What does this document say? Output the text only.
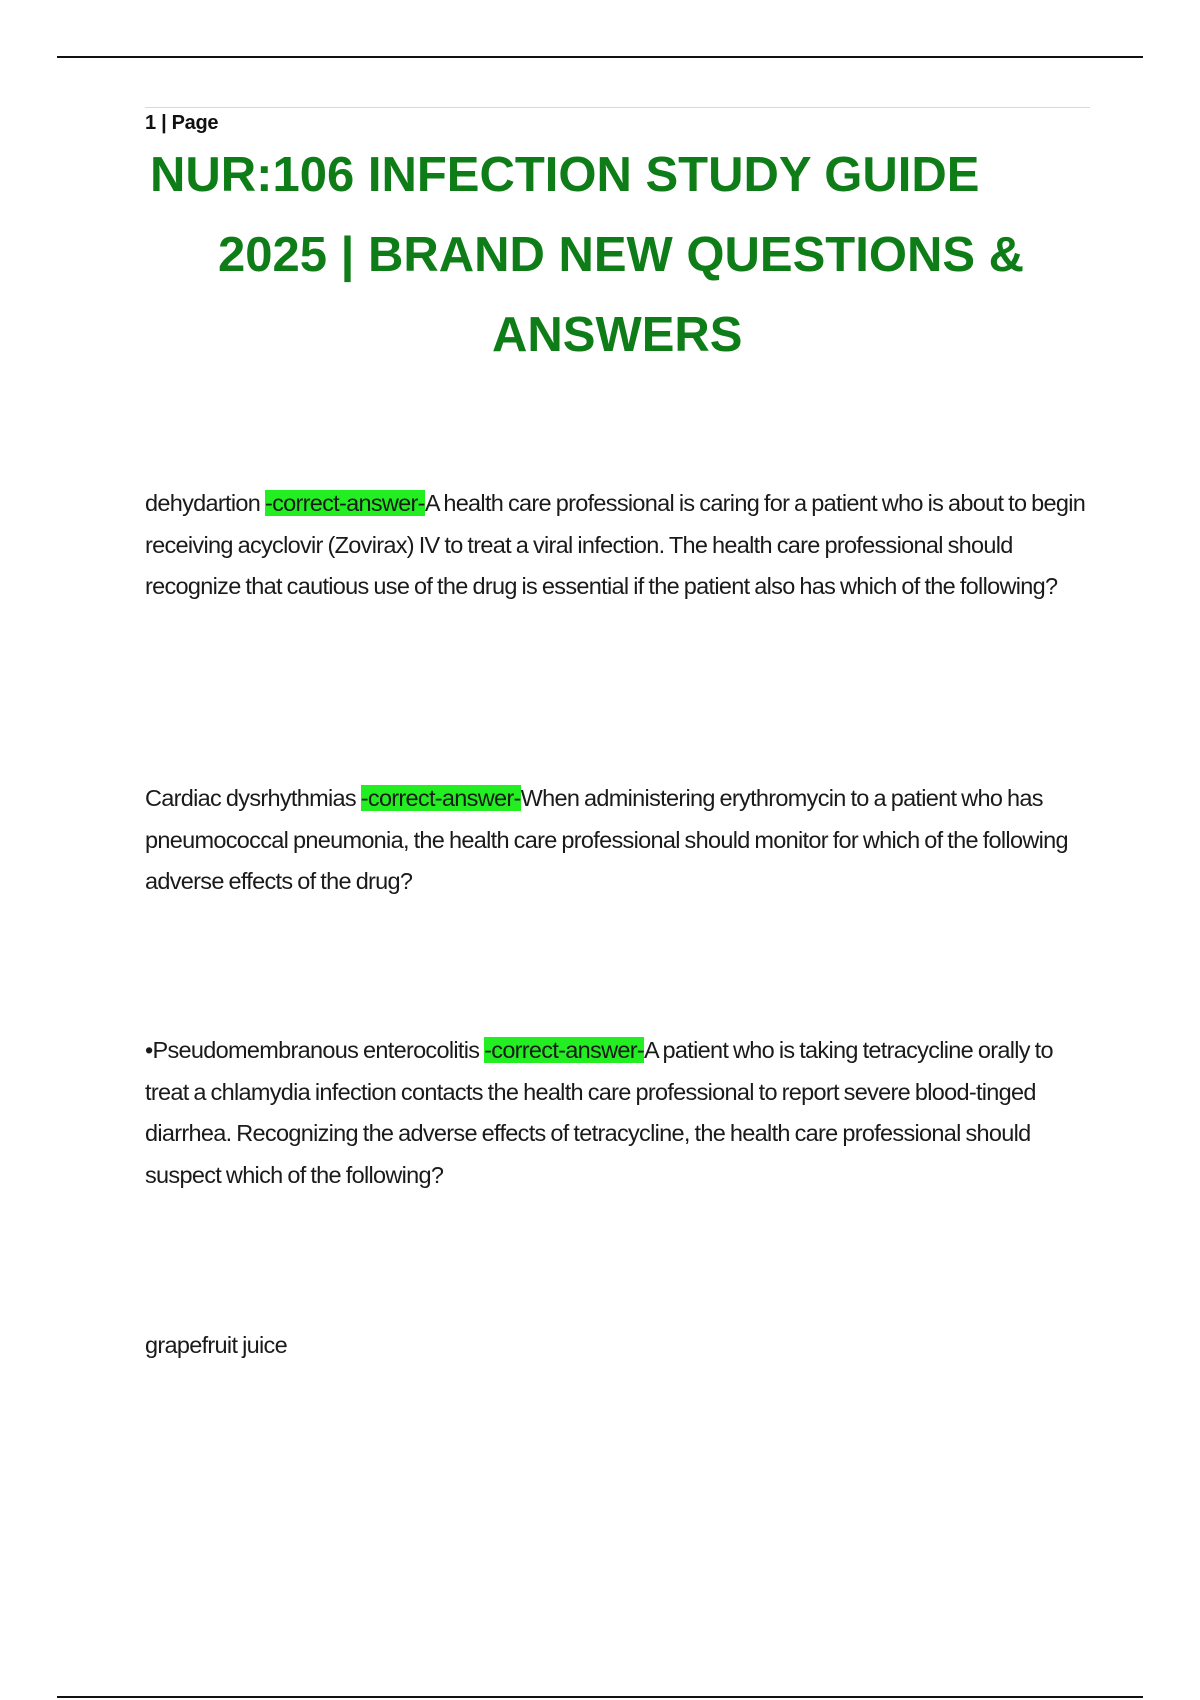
1 | Page
NUR:106 INFECTION STUDY GUIDE
2025 | BRAND NEW QUESTIONS &
ANSWERS

dehydartion -correct-answer-A health care professional is caring for a patient who is about to begin receiving acyclovir (Zovirax) IV to treat a viral infection. The health care professional should recognize that cautious use of the drug is essential if the patient also has which of the following?

Cardiac dysrhythmias -correct-answer-When administering erythromycin to a patient who has pneumococcal pneumonia, the health care professional should monitor for which of the following adverse effects of the drug?

•Pseudomembranous enterocolitis -correct-answer-A patient who is taking tetracycline orally to treat a chlamydia infection contacts the health care professional to report severe blood-tinged diarrhea. Recognizing the adverse effects of tetracycline, the health care professional should suspect which of the following?

grapefruit juice
